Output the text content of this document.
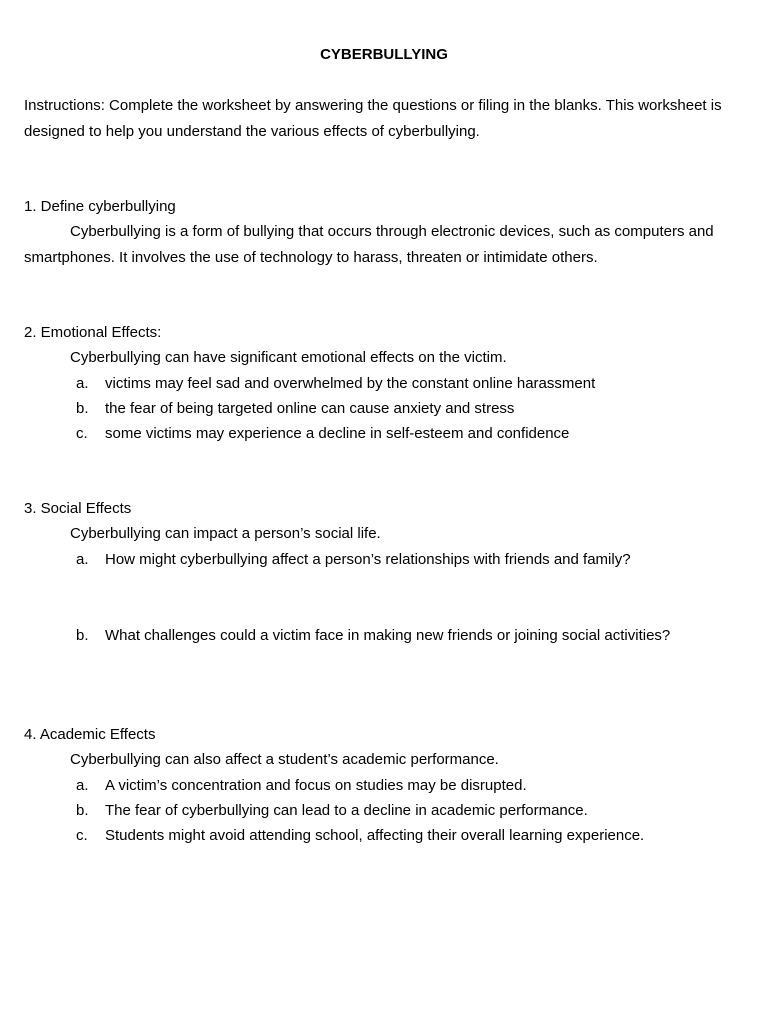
CYBERBULLYING
Instructions: Complete the worksheet by answering the questions or filing in the blanks. This worksheet is designed to help you understand the various effects of cyberbullying.
1. Define cyberbullying
Cyberbullying is a form of bullying that occurs through electronic devices, such as computers and smartphones. It involves the use of technology to harass, threaten or intimidate others.
2. Emotional Effects:
Cyberbullying can have significant emotional effects on the victim.
a.	victims may feel sad and overwhelmed by the constant online harassment
b.	the fear of being targeted online can cause anxiety and stress
c.	some victims may experience a decline in self-esteem and confidence
3. Social Effects
Cyberbullying can impact a person’s social life.
a.	How might cyberbullying affect a person’s relationships with friends and family?
b.	What challenges could a victim face in making new friends or joining social activities?
4. Academic Effects
Cyberbullying can also affect a student’s academic performance.
a.	A victim’s concentration and focus on studies may be disrupted.
b.	The fear of cyberbullying can lead to a decline in academic performance.
c.	Students might avoid attending school, affecting their overall learning experience.
